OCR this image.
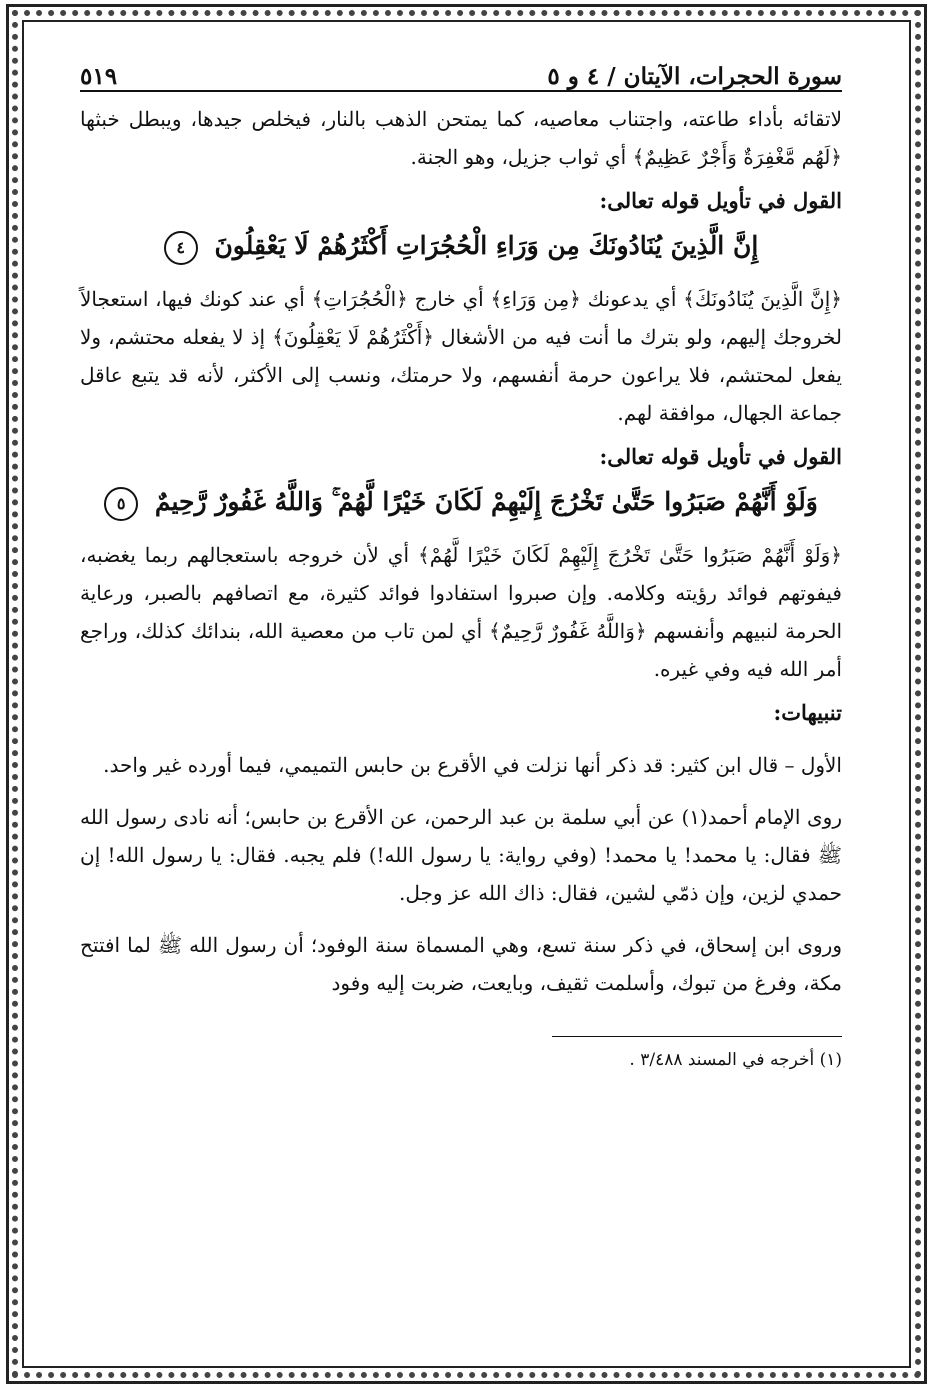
سورة الحجرات، الآيتان
/
٤ و ٥
٥١٩

لاتقائه بأداء طاعته، واجتناب معاصيه، كما يمتحن الذهب بالنار، فيخلص جيدها، ويبطل خبثها ﴿لَهُم مَّغْفِرَةٌ وَأَجْرٌ عَظِيمٌ﴾ أي ثواب جزيل، وهو الجنة.

القول في تأويل قوله تعالى:
إِنَّ الَّذِينَ يُنَادُونَكَ مِن وَرَاءِ الْحُجُرَاتِ أَكْثَرُهُمْ لَا يَعْقِلُونَ ٤

﴿إِنَّ الَّذِينَ يُنَادُونَكَ﴾ أي يدعونك ﴿مِن وَرَاءِ﴾ أي خارج ﴿الْحُجُرَاتِ﴾ أي عند كونك فيها، استعجالاً لخروجك إليهم، ولو بترك ما أنت فيه من الأشغال ﴿أَكْثَرُهُمْ لَا يَعْقِلُونَ﴾ إذ لا يفعله محتشم، ولا يفعل لمحتشم، فلا يراعون حرمة أنفسهم، ولا حرمتك، ونسب إلى الأكثر، لأنه قد يتبع عاقل جماعة الجهال، موافقة لهم.

القول في تأويل قوله تعالى:
وَلَوْ أَنَّهُمْ صَبَرُوا حَتَّىٰ تَخْرُجَ إِلَيْهِمْ لَكَانَ خَيْرًا لَّهُمْ ۚ وَاللَّهُ غَفُورٌ رَّحِيمٌ ٥

﴿وَلَوْ أَنَّهُمْ صَبَرُوا حَتَّىٰ تَخْرُجَ إِلَيْهِمْ لَكَانَ خَيْرًا لَّهُمْ﴾ أي لأن خروجه باستعجالهم ربما يغضبه، فيفوتهم فوائد رؤيته وكلامه. وإن صبروا استفادوا فوائد كثيرة، مع اتصافهم بالصبر، ورعاية الحرمة لنبيهم وأنفسهم ﴿وَاللَّهُ غَفُورٌ رَّحِيمٌ﴾ أي لمن تاب من معصية الله، بندائك كذلك، وراجع أمر الله فيه وفي غيره.

تنبيهات:

الأول – قال ابن كثير: قد ذكر أنها نزلت في الأقرع بن حابس التميمي، فيما أورده غير واحد.

روى الإمام أحمد(١) عن أبي سلمة بن عبد الرحمن، عن الأقرع بن حابس؛ أنه نادى رسول الله ﷺ فقال: يا محمد! يا محمد! (وفي رواية: يا رسول الله!) فلم يجبه. فقال: يا رسول الله! إن حمدي لزين، وإن ذمّي لشين، فقال: ذاك الله عز وجل.

وروى ابن إسحاق، في ذكر سنة تسع، وهي المسماة سنة الوفود؛ أن رسول الله ﷺ لما افتتح مكة، وفرغ من تبوك، وأسلمت ثقيف، وبايعت، ضربت إليه وفود

(١) أخرجه في المسند ٣/٤٨٨ .
